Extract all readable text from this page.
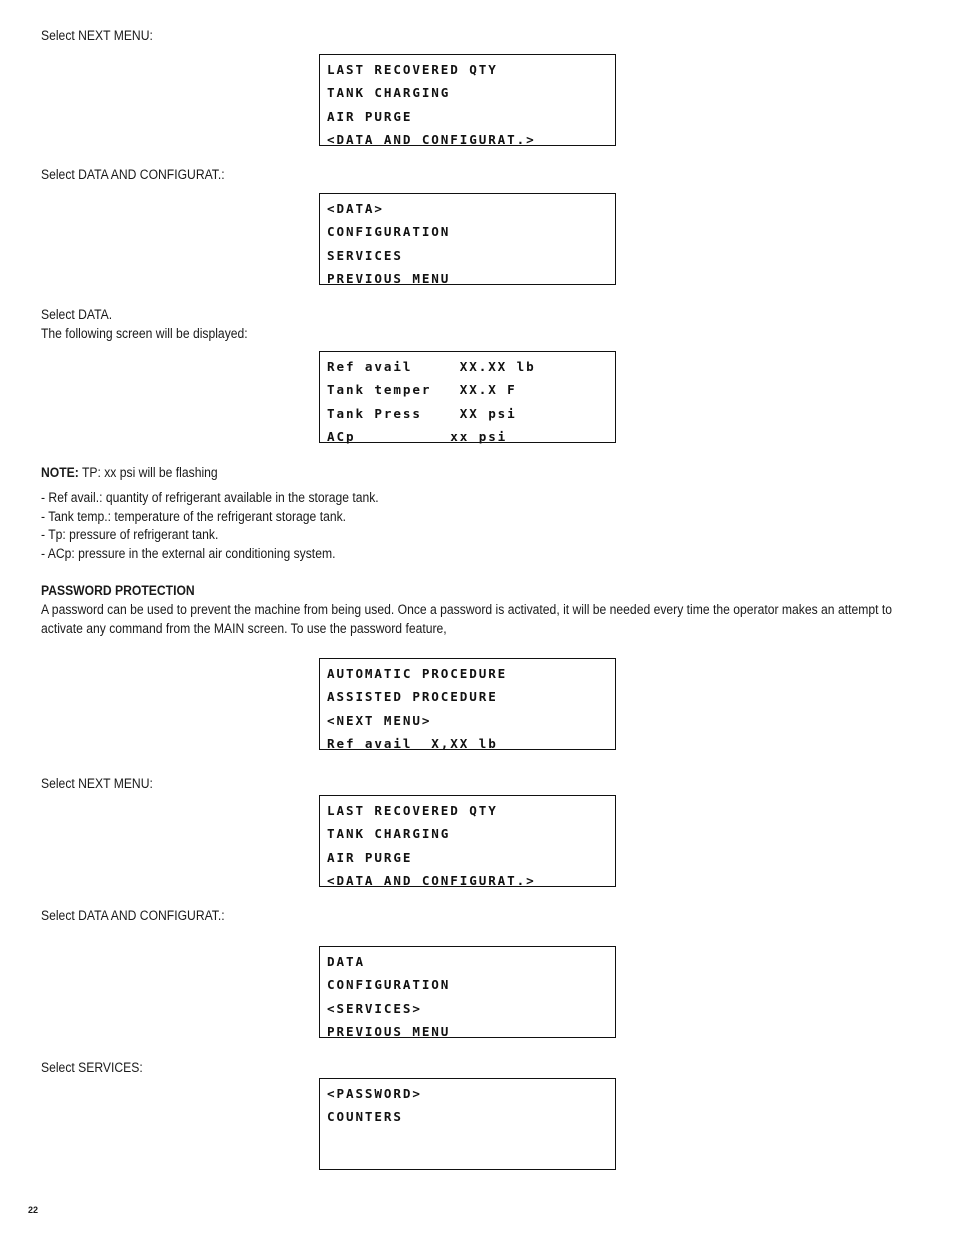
Select NEXT MENU:
LAST RECOVERED QTY
TANK CHARGING
AIR PURGE
<DATA AND CONFIGURAT.>
Select DATA AND CONFIGURAT.:
<DATA>
CONFIGURATION
SERVICES
PREVIOUS MENU
Select DATA.
The following screen will be displayed:
Ref avail     XX.XX lb
Tank temper   XX.X F
Tank Press    XX psi
ACp          xx psi
NOTE: TP: xx psi will be flashing
- Ref avail.: quantity of refrigerant available in the storage tank.
- Tank temp.: temperature of the refrigerant storage tank.
- Tp: pressure of refrigerant tank.
- ACp: pressure in the external air conditioning system.
PASSWORD PROTECTION
A password can be used to prevent the machine from being used. Once a password is activated, it will be needed every time the operator makes an attempt to activate any command from the MAIN screen. To use the password feature,
AUTOMATIC PROCEDURE
ASSISTED PROCEDURE
<NEXT MENU>
Ref avail  X,XX lb
Select NEXT MENU:
LAST RECOVERED QTY
TANK CHARGING
AIR PURGE
<DATA AND CONFIGURAT.>
Select DATA AND CONFIGURAT.:
DATA
CONFIGURATION
<SERVICES>
PREVIOUS MENU
Select SERVICES:
<PASSWORD>
COUNTERS
22
